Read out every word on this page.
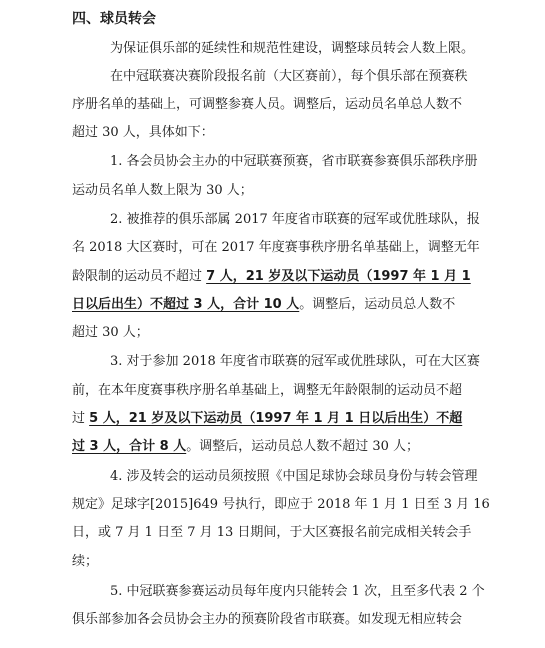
四、球员转会
为保证俱乐部的延续性和规范性建设，调整球员转会人数上限。
在中冠联赛决赛阶段报名前（大区赛前），每个俱乐部在预赛秩
序册名单的基础上，可调整参赛人员。调整后，运动员名单总人数不
超过 30 人，具体如下：
1. 各会员协会主办的中冠联赛预赛，省市联赛参赛俱乐部秩序册
运动员名单人数上限为 30 人；
2. 被推荐的俱乐部属 2017 年度省市联赛的冠军或优胜球队，报
名 2018 大区赛时，可在 2017 年度赛事秩序册名单基础上，调整无年
龄限制的运动员不超过 7 人，21 岁及以下运动员（1997 年 1 月 1
日以后出生）不超过 3 人，合计 10 人。调整后，运动员总人数不
超过 30 人；
3. 对于参加 2018 年度省市联赛的冠军或优胜球队，可在大区赛
前，在本年度赛事秩序册名单基础上，调整无年龄限制的运动员不超
过 5 人，21 岁及以下运动员（1997 年 1 月 1 日以后出生）不超
过 3 人，合计 8 人。调整后，运动员总人数不超过 30 人；
4. 涉及转会的运动员须按照《中国足球协会球员身份与转会管理
规定》足球字[2015]649 号执行，即应于 2018 年 1 月 1 日至 3 月 16
日，或 7 月 1 日至 7 月 13 日期间，于大区赛报名前完成相关转会手
续；
5. 中冠联赛参赛运动员每年度内只能转会 1 次，且至多代表 2 个
俱乐部参加各会员协会主办的预赛阶段省市联赛。如发现无相应转会
